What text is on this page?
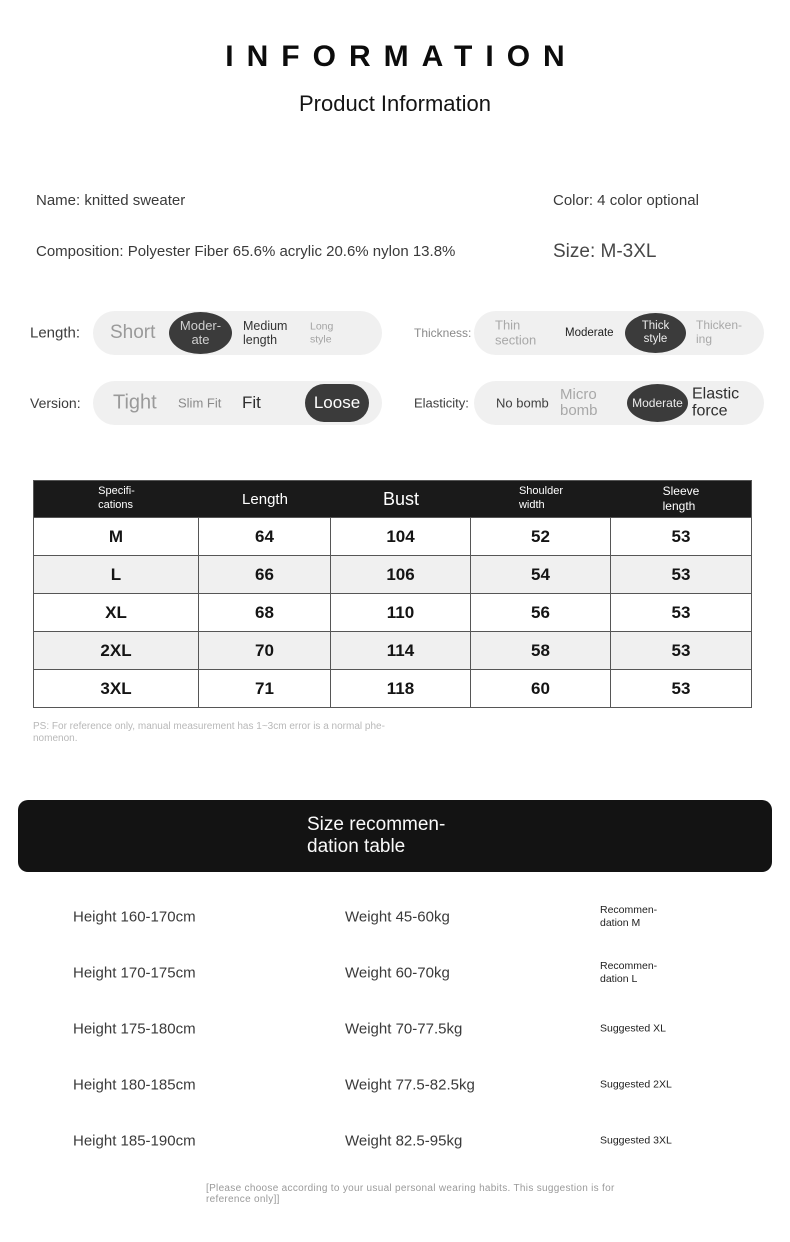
INFORMATION
Product Information
Name: knitted sweater
Composition: Polyester Fiber 65.6% acrylic 20.6% nylon 13.8%
Color: 4 color optional
Size: M-3XL
Length: Short Moder-
ate
Medium
length
Long
style	Thickness:
Thin
section	Moderate
Thick
style
Thicken-
ing
Version: Tight Slim Fit Fit	Loose	Elasticity: No bomb
Micro
bomb	Moderate
Elastic
force
Specifi-
cations	Length	Bust	Shoulder
width
Sleeve
length
M	64	104	52	53
L	66	106	54	53
XL	68	110	56	53
2XL	70	114	58	53
3XL	71	118	60	53
PS: For reference only, manual measurement has 1~3cm error is a normal phe-
nomenon.
Size recommen-
dation table
Height 160-170cm	Weight 45-60kg	Recommen-
dation M
Height 170-175cm	Weight 60-70kg	Recommen-
dation L
Height 175-180cm	Weight 70-77.5kg	Suggested XL
Height 180-185cm	Weight 77.5-82.5kg	Suggested 2XL
Height 185-190cm	Weight 82.5-95kg	Suggested 3XL
[Please choose according to your usual personal wearing habits. This suggestion is for
reference only]]
